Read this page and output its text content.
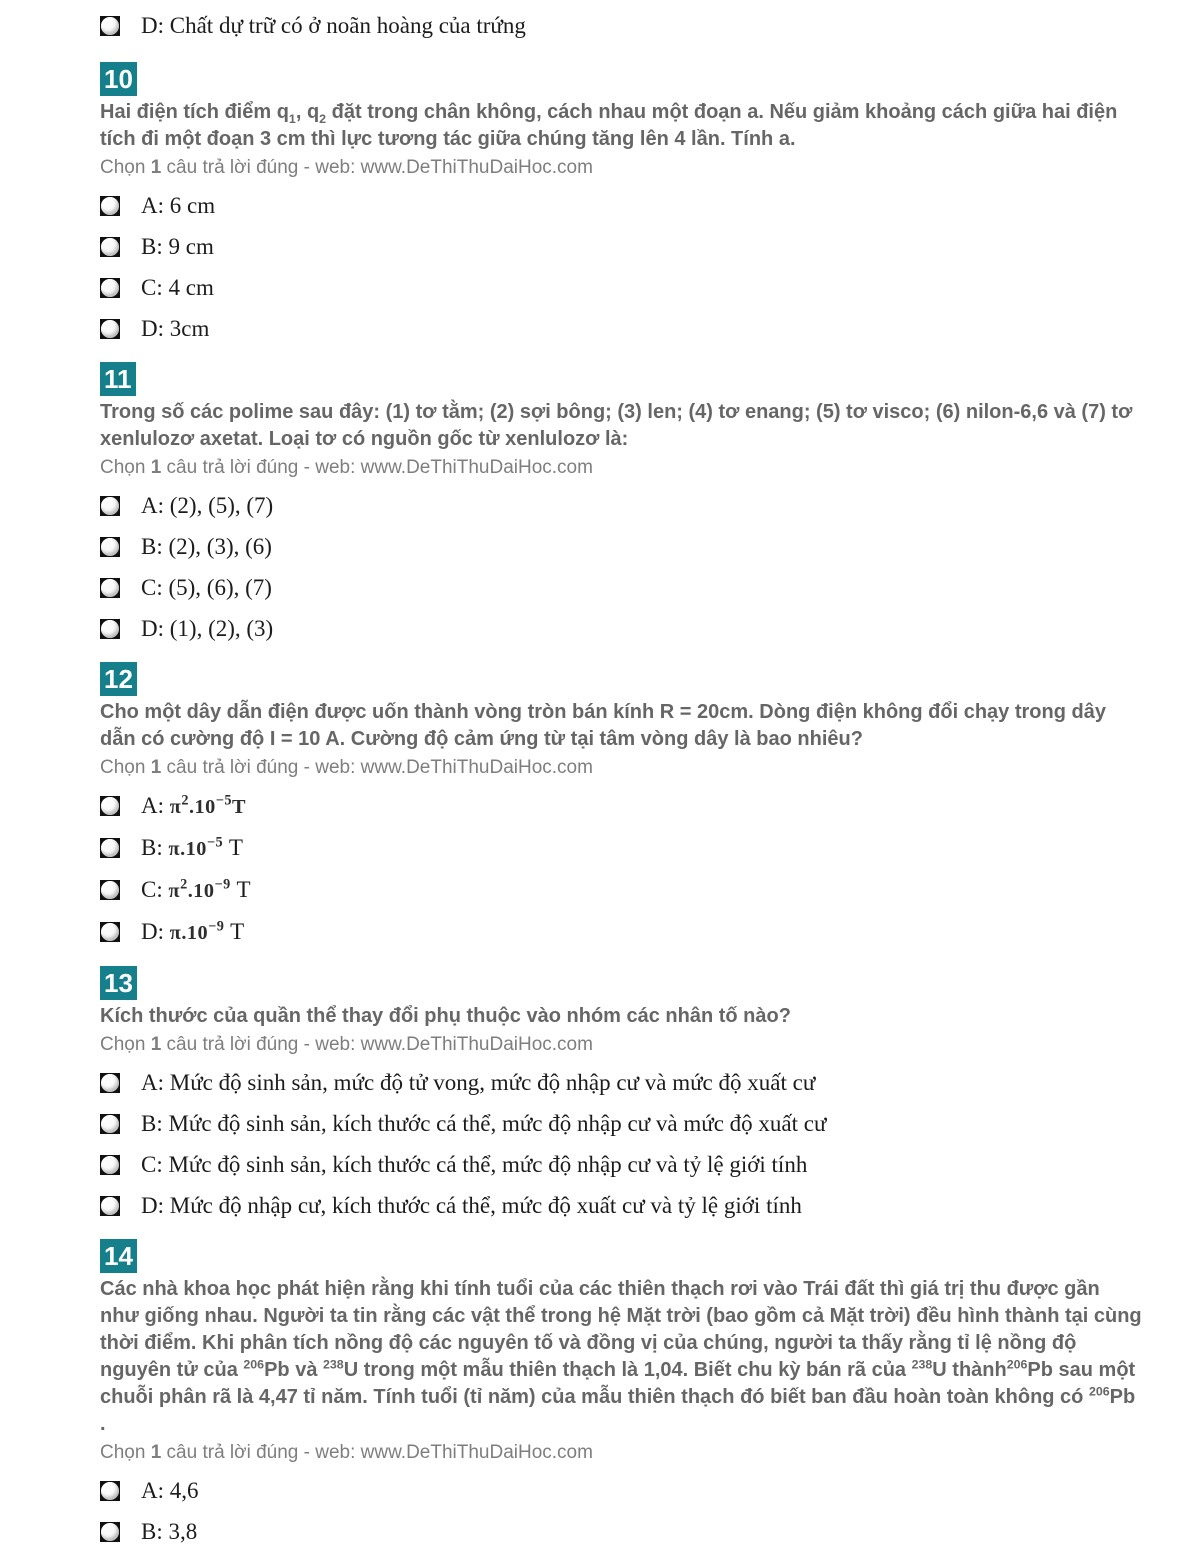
D: Chất dự trữ có ở noãn hoàng của trứng
10
Hai điện tích điểm $q_1$, $q_2$ đặt trong chân không, cách nhau một đoạn a. Nếu giảm khoảng cách giữa hai điện tích đi một đoạn 3 cm thì lực tương tác giữa chúng tăng lên 4 lần. Tính a.
Chọn 1 câu trả lời đúng - web: www.DeThiThuDaiHoc.com
A: 6 cm
B: 9 cm
C: 4 cm
D: 3cm
11
Trong số các polime sau đây: (1) tơ tằm; (2) sợi bông; (3) len; (4) tơ enang; (5) tơ visco; (6) nilon-6,6 và (7) tơ xenlulozơ axetat. Loại tơ có nguồn gốc từ xenlulozơ là:
Chọn 1 câu trả lời đúng - web: www.DeThiThuDaiHoc.com
A: (2), (5), (7)
B: (2), (3), (6)
C: (5), (6), (7)
D: (1), (2), (3)
12
Cho một dây dẫn điện được uốn thành vòng tròn bán kính R = 20cm. Dòng điện không đổi chạy trong dây dẫn có cường độ I = 10 A. Cường độ cảm ứng từ tại tâm vòng dây là bao nhiêu?
Chọn 1 câu trả lời đúng - web: www.DeThiThuDaiHoc.com
A: $\pi^2.10^{-5}T$
B: $\pi.10^{-5}$ T
C: $\pi^2.10^{-9}$ T
D: $\pi.10^{-9}$ T
13
Kích thước của quần thể thay đổi phụ thuộc vào nhóm các nhân tố nào?
Chọn 1 câu trả lời đúng - web: www.DeThiThuDaiHoc.com
A: Mức độ sinh sản, mức độ tử vong, mức độ nhập cư và mức độ xuất cư
B: Mức độ sinh sản, kích thước cá thể, mức độ nhập cư và mức độ xuất cư
C: Mức độ sinh sản, kích thước cá thể, mức độ nhập cư và tỷ lệ giới tính
D: Mức độ nhập cư, kích thước cá thể, mức độ xuất cư và tỷ lệ giới tính
14
Các nhà khoa học phát hiện rằng khi tính tuổi của các thiên thạch rơi vào Trái đất thì giá trị thu được gần như giống nhau. Người ta tin rằng các vật thể trong hệ Mặt trời (bao gồm cả Mặt trời) đều hình thành tại cùng thời điểm. Khi phân tích nồng độ các nguyên tố và đồng vị của chúng, người ta thấy rằng tỉ lệ nồng độ nguyên tử của $^{206}$Pb và $^{238}$U trong một mẫu thiên thạch là 1,04. Biết chu kỳ bán rã của $^{238}$U thành$^{206}$Pb sau một chuỗi phân rã là 4,47 tỉ năm. Tính tuổi (tỉ năm) của mẫu thiên thạch đó biết ban đầu hoàn toàn không có $^{206}$Pb .
Chọn 1 câu trả lời đúng - web: www.DeThiThuDaiHoc.com
A: 4,6
B: 3,8
